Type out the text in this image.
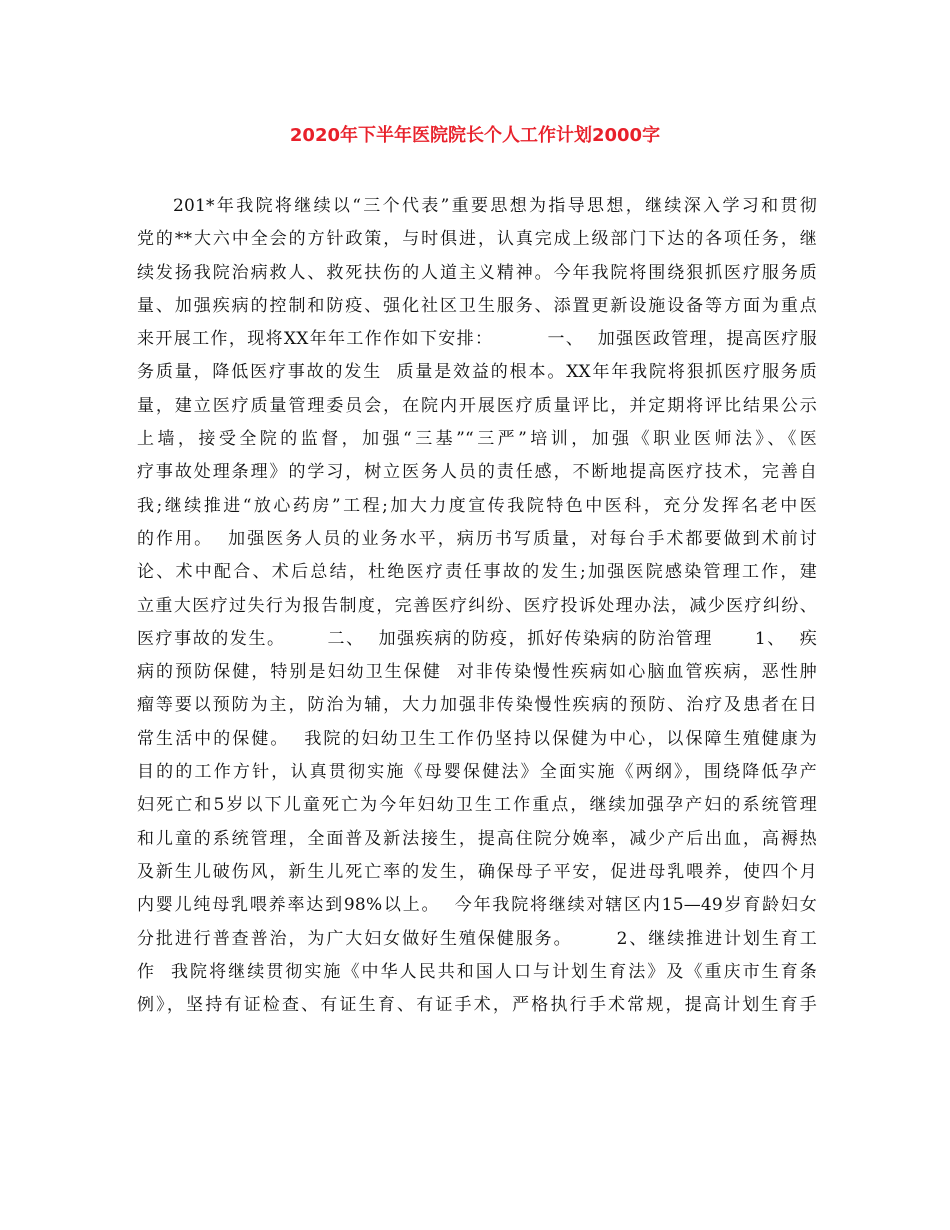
2020年下半年医院院长个人工作计划2000字
201*年我院将继续以“三个代表”重要思想为指导思想，继续深入学习和贯彻
党的**大六中全会的方针政策，与时俱进，认真完成上级部门下达的各项任务，继
续发扬我院治病救人、救死扶伤的人道主义精神。今年我院将围绕狠抓医疗服务质
量、加强疾病的控制和防疫、强化社区卫生服务、添置更新设施设备等方面为重点
来开展工作，现将XX年年工作作如下安排：        一、  加强医政管理，提高医疗服
务质量，降低医疗事故的发生  质量是效益的根本。XX年年我院将狠抓医疗服务质
量，建立医疗质量管理委员会，在院内开展医疗质量评比，并定期将评比结果公示
上墙，接受全院的监督，加强“三基”“三严”培训，加强《职业医师法》、《医
疗事故处理条理》的学习，树立医务人员的责任感，不断地提高医疗技术，完善自
我;继续推进“放心药房”工程;加大力度宣传我院特色中医科，充分发挥名老中医
的作用。  加强医务人员的业务水平，病历书写质量，对每台手术都要做到术前讨
论、术中配合、术后总结，杜绝医疗责任事故的发生;加强医院感染管理工作，建
立重大医疗过失行为报告制度，完善医疗纠纷、医疗投诉处理办法，减少医疗纠纷、
医疗事故的发生。      二、  加强疾病的防疫，抓好传染病的防治管理      1、  疾
病的预防保健，特别是妇幼卫生保健  对非传染慢性疾病如心脑血管疾病，恶性肿
瘤等要以预防为主，防治为辅，大力加强非传染慢性疾病的预防、治疗及患者在日
常生活中的保健。  我院的妇幼卫生工作仍坚持以保健为中心，以保障生殖健康为
目的的工作方针，认真贯彻实施《母婴保健法》全面实施《两纲》，围绕降低孕产
妇死亡和5岁以下儿童死亡为今年妇幼卫生工作重点，继续加强孕产妇的系统管理
和儿童的系统管理，全面普及新法接生，提高住院分娩率，减少产后出血，高褥热
及新生儿破伤风，新生儿死亡率的发生，确保母子平安，促进母乳喂养，使四个月
内婴儿纯母乳喂养率达到98%以上。  今年我院将继续对辖区内15—49岁育龄妇女
分批进行普查普治，为广大妇女做好生殖保健服务。      2、继续推进计划生育工
作  我院将继续贯彻实施《中华人民共和国人口与计划生育法》及《重庆市生育条
例》，坚持有证检查、有证生育、有证手术，严格执行手术常规，提高计划生育手
